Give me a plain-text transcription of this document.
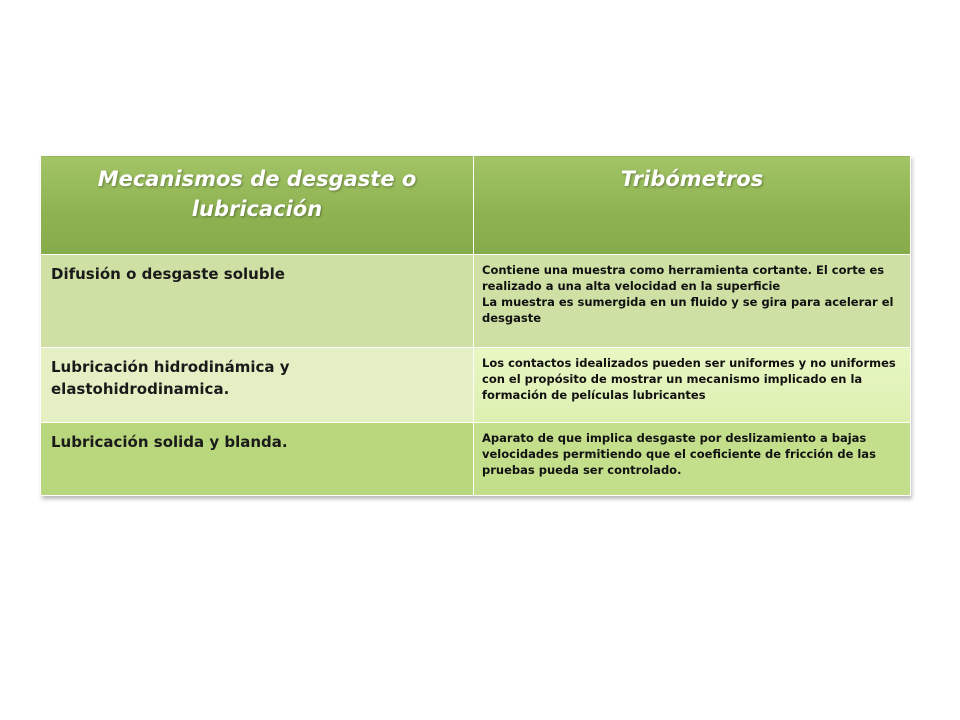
Mecanismos de desgaste o lubricación	Tribómetros

Difusión o desgaste soluble	Contiene una muestra como herramienta cortante. El corte es realizado a una alta velocidad en la superficie
La muestra es sumergida en un fluido y se gira para acelerar el desgaste

Lubricación hidrodinámica y elastohidrodinamica.	Los contactos idealizados pueden ser uniformes y no uniformes con el propósito de mostrar un mecanismo implicado en la formación de películas lubricantes

Lubricación solida y blanda.	Aparato de que implica desgaste por deslizamiento a bajas velocidades permitiendo que el coeficiente de fricción de las pruebas pueda ser controlado.
